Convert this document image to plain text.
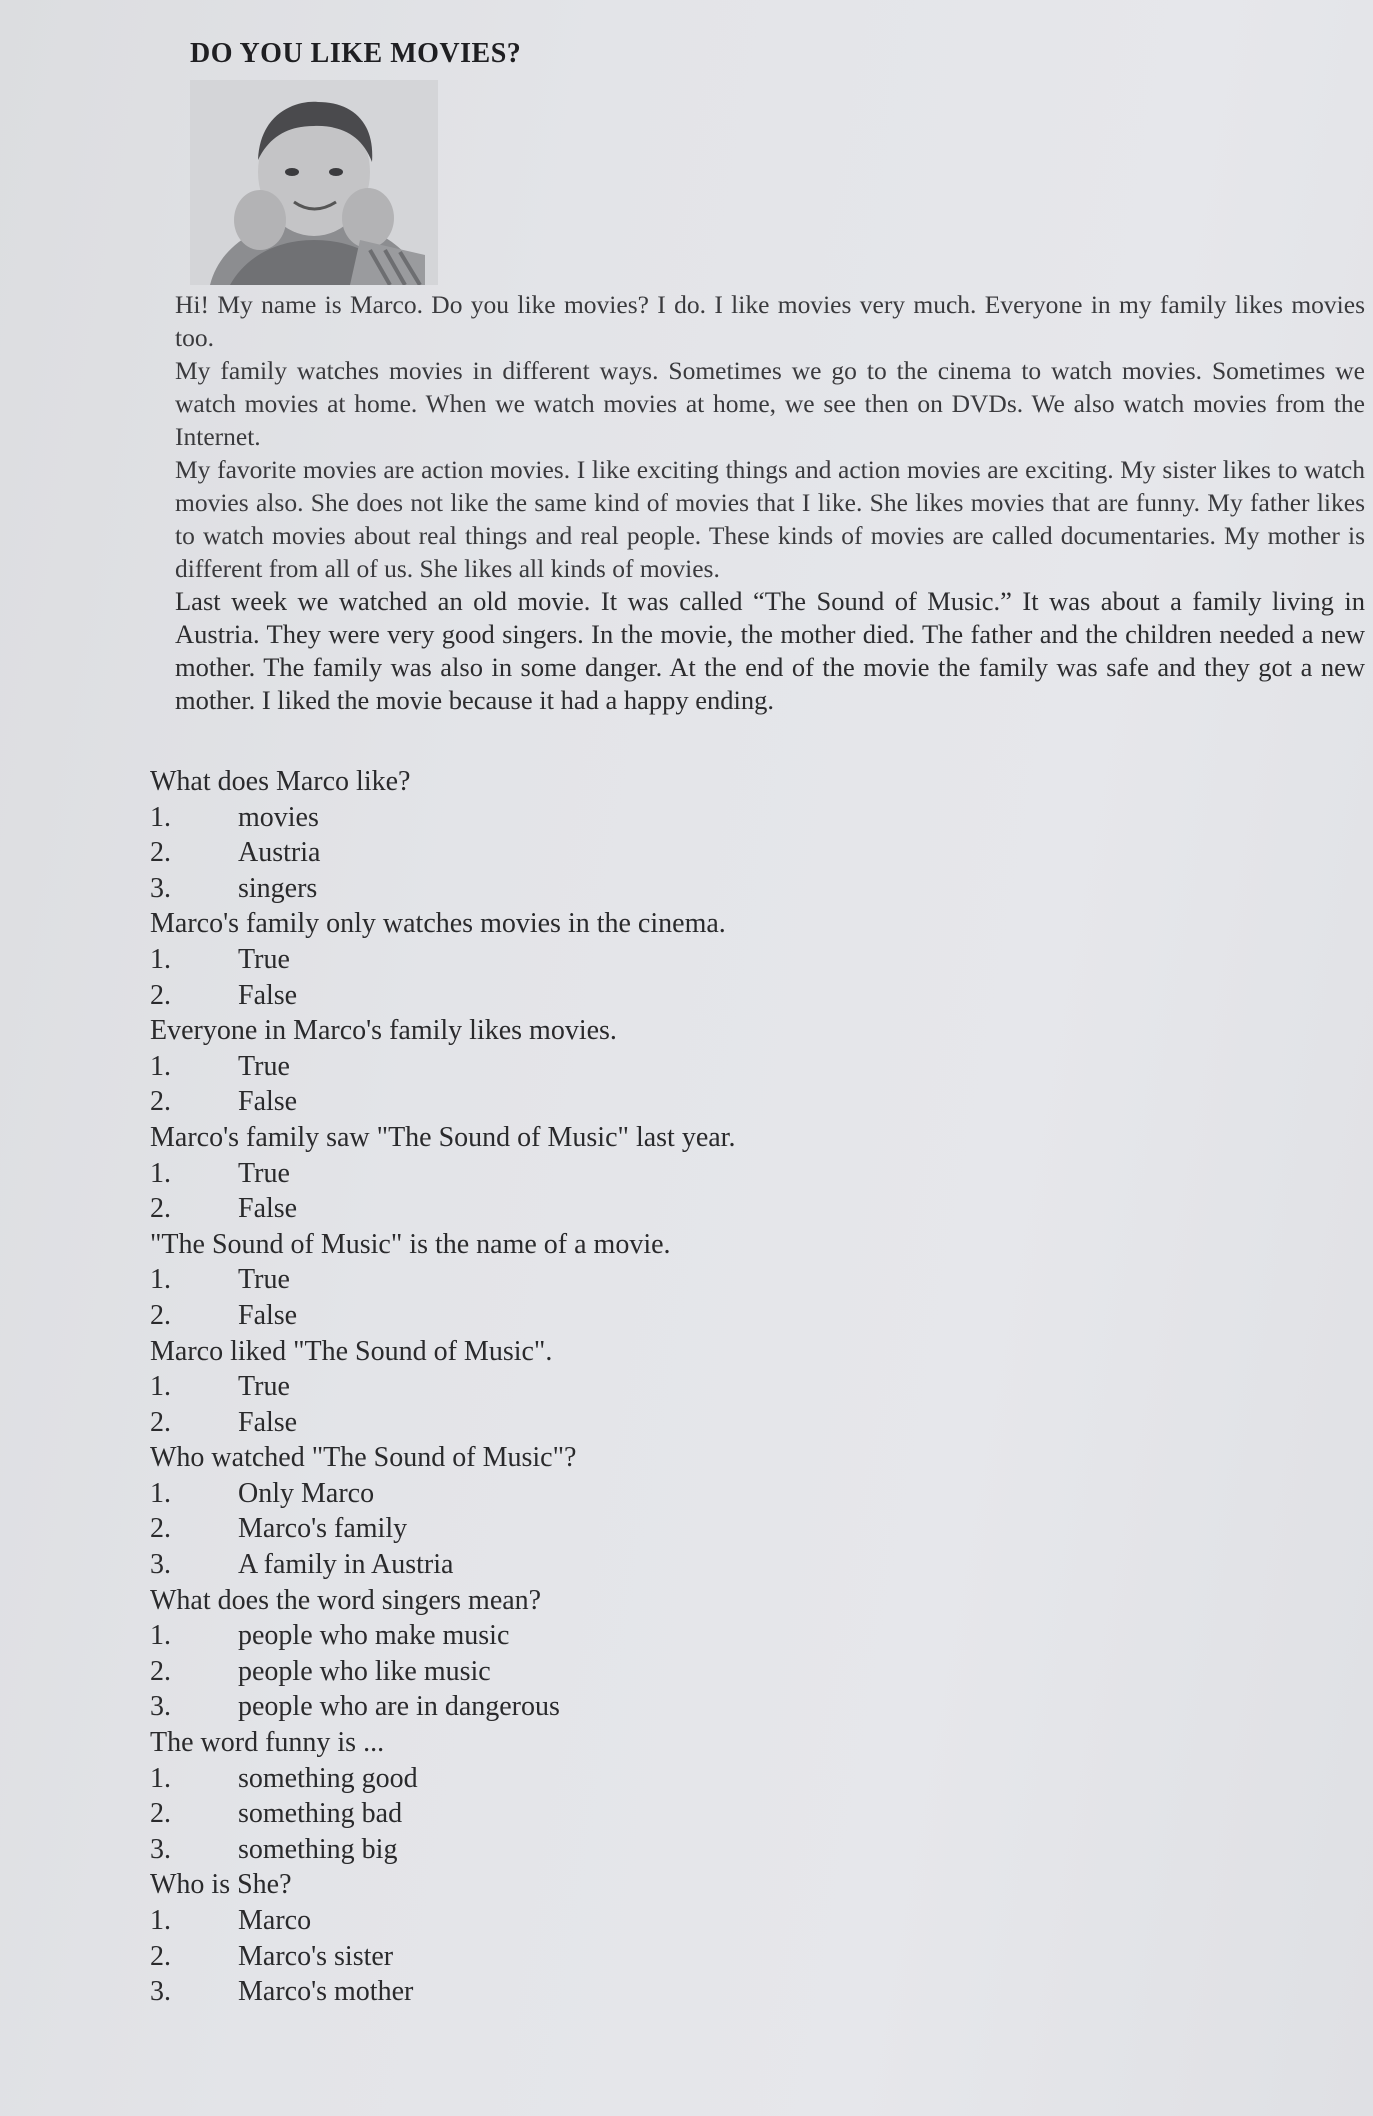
DO YOU LIKE MOVIES?

Hi! My name is Marco. Do you like movies? I do. I like movies very much. Everyone in my family likes movies too.

My family watches movies in different ways. Sometimes we go to the cinema to watch movies. Sometimes we watch movies at home. When we watch movies at home, we see then on DVDs. We also watch movies from the Internet.

My favorite movies are action movies. I like exciting things and action movies are exciting. My sister likes to watch movies also. She does not like the same kind of movies that I like. She likes movies that are funny. My father likes to watch movies about real things and real people. These kinds of movies are called documentaries. My mother is different from all of us. She likes all kinds of movies.

Last week we watched an old movie. It was called “The Sound of Music.” It was about a family living in Austria. They were very good singers. In the movie, the mother died. The father and the children needed a new mother. The family was also in some danger. At the end of the movie the family was safe and they got a new mother. I liked the movie because it had a happy ending.

What does Marco like?
1.	movies
2.	Austria
3.	singers
Marco's family only watches movies in the cinema.
1.	True
2.	False
Everyone in Marco's family likes movies.
1.	True
2.	False
Marco's family saw "The Sound of Music" last year.
1.	True
2.	False
"The Sound of Music" is the name of a movie.
1.	True
2.	False
Marco liked "The Sound of Music".
1.	True
2.	False
Who watched "The Sound of Music"?
1.	Only Marco
2.	Marco's family
3.	A family in Austria
What does the word singers mean?
1.	people who make music
2.	people who like music
3.	people who are in dangerous
The word funny is ...
1.	something good
2.	something bad
3.	something big
Who is She?
1.	Marco
2.	Marco's sister
3.	Marco's mother
